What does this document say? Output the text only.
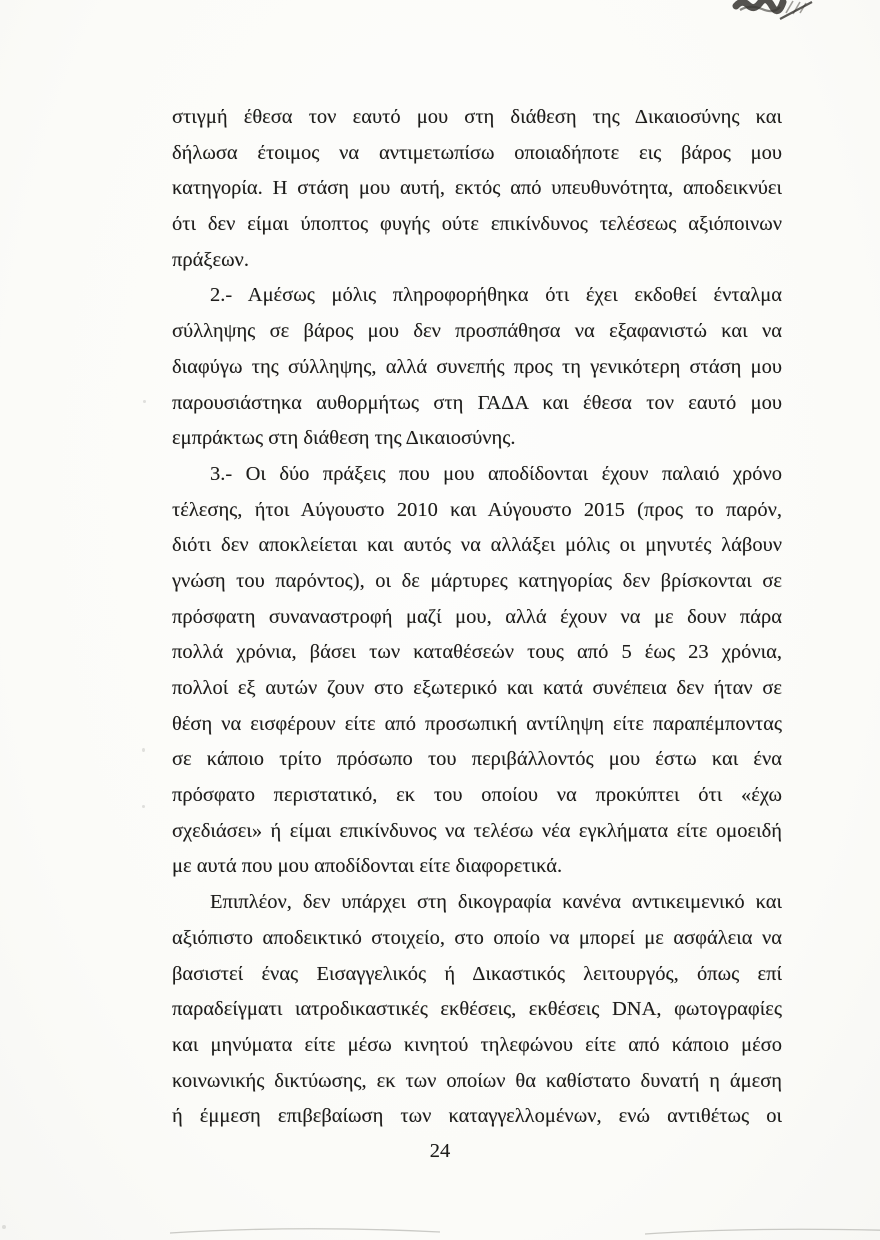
στιγμή έθεσα τον εαυτό μου στη διάθεση της Δικαιοσύνης και
δήλωσα έτοιμος να αντιμετωπίσω οποιαδήποτε εις βάρος μου
κατηγορία. Η στάση μου αυτή, εκτός από υπευθυνότητα, αποδεικνύει
ότι δεν είμαι ύποπτος φυγής ούτε επικίνδυνος τελέσεως αξιόποινων
πράξεων.
2.- Αμέσως μόλις πληροφορήθηκα ότι έχει εκδοθεί ένταλμα
σύλληψης σε βάρος μου δεν προσπάθησα να εξαφανιστώ και να
διαφύγω της σύλληψης, αλλά συνεπής προς τη γενικότερη στάση μου
παρουσιάστηκα αυθορμήτως στη ΓΑΔΑ και έθεσα τον εαυτό μου
εμπράκτως στη διάθεση της Δικαιοσύνης.
3.- Οι δύο πράξεις που μου αποδίδονται έχουν παλαιό χρόνο
τέλεσης, ήτοι Αύγουστο 2010 και Αύγουστο 2015 (προς το παρόν,
διότι δεν αποκλείεται και αυτός να αλλάξει μόλις οι μηνυτές λάβουν
γνώση του παρόντος), οι δε μάρτυρες κατηγορίας δεν βρίσκονται σε
πρόσφατη συναναστροφή μαζί μου, αλλά έχουν να με δουν πάρα
πολλά χρόνια, βάσει των καταθέσεών τους από 5 έως 23 χρόνια,
πολλοί εξ αυτών ζουν στο εξωτερικό και κατά συνέπεια δεν ήταν σε
θέση να εισφέρουν είτε από προσωπική αντίληψη είτε παραπέμποντας
σε κάποιο τρίτο πρόσωπο του περιβάλλοντός μου έστω και ένα
πρόσφατο περιστατικό, εκ του οποίου να προκύπτει ότι «έχω
σχεδιάσει» ή είμαι επικίνδυνος να τελέσω νέα εγκλήματα είτε ομοειδή
με αυτά που μου αποδίδονται είτε διαφορετικά.
Επιπλέον, δεν υπάρχει στη δικογραφία κανένα αντικειμενικό και
αξιόπιστο αποδεικτικό στοιχείο, στο οποίο να μπορεί με ασφάλεια να
βασιστεί ένας Εισαγγελικός ή Δικαστικός λειτουργός, όπως επί
παραδείγματι ιατροδικαστικές εκθέσεις, εκθέσεις DNA, φωτογραφίες
και μηνύματα είτε μέσω κινητού τηλεφώνου είτε από κάποιο μέσο
κοινωνικής δικτύωσης, εκ των οποίων θα καθίστατο δυνατή η άμεση
ή έμμεση επιβεβαίωση των καταγγελλομένων, ενώ αντιθέτως οι
24
